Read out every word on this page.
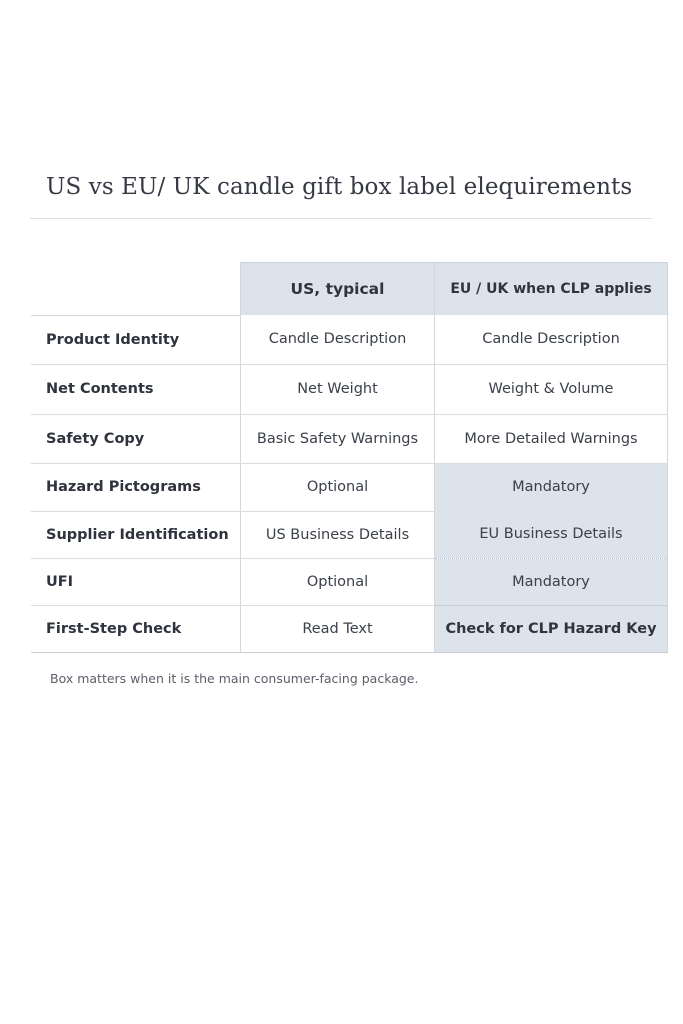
US vs EU/ UK candle gift box label elequirements
	US, typical	EU / UK when CLP applies
Product Identity	Candle Description	Candle Description
Net Contents	Net Weight	Weight & Volume
Safety Copy	Basic Safety Warnings	More Detailed Warnings
Hazard Pictograms	Optional	Mandatory
Supplier Identification	US Business Details	EU Business Details
UFI	Optional	Mandatory
First-Step Check	Read Text	Check for CLP Hazard Key
Box matters when it is the main consumer-facing package.
